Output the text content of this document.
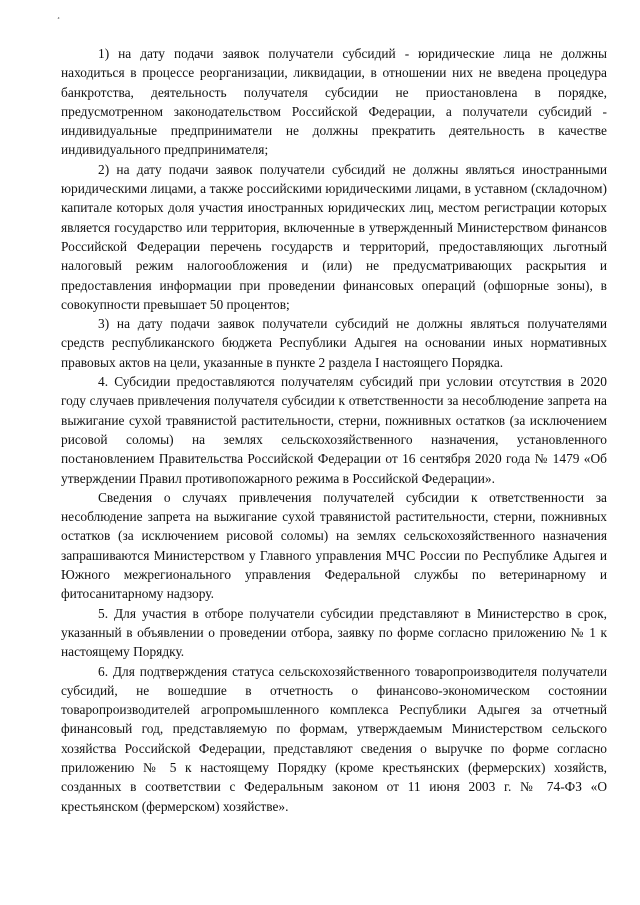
¸

1) на дату подачи заявок получатели субсидий - юридические лица не должны находиться в процессе реорганизации, ликвидации, в отношении них не введена процедура банкротства, деятельность получателя субсидии не приостановлена в порядке, предусмотренном законодательством Российской Федерации, а получатели субсидий - индивидуальные предприниматели не должны прекратить деятельность в качестве индивидуального предпринимателя;

2) на дату подачи заявок получатели субсидий не должны являться иностранными юридическими лицами, а также российскими юридическими лицами, в уставном (складочном) капитале которых доля участия иностранных юридических лиц, местом регистрации которых является государство или территория, включенные в утвержденный Министерством финансов Российской Федерации перечень государств и территорий, предоставляющих льготный налоговый режим налогообложения и (или) не предусматривающих раскрытия и предоставления информации при проведении финансовых операций (офшорные зоны), в совокупности превышает 50 процентов;

3) на дату подачи заявок получатели субсидий не должны являться получателями средств республиканского бюджета Республики Адыгея на основании иных нормативных правовых актов на цели, указанные в пункте 2 раздела I настоящего Порядка.

4. Субсидии предоставляются получателям субсидий при условии отсутствия в 2020 году случаев привлечения получателя субсидии к ответственности за несоблюдение запрета на выжигание сухой травянистой растительности, стерни, пожнивных остатков (за исключением рисовой соломы) на землях сельскохозяйственного назначения, установленного постановлением Правительства Российской Федерации от 16 сентября 2020 года № 1479 «Об утверждении Правил противопожарного режима в Российской Федерации».

Сведения о случаях привлечения получателей субсидии к ответственности за несоблюдение запрета на выжигание сухой травянистой растительности, стерни, пожнивных остатков (за исключением рисовой соломы) на землях сельскохозяйственного назначения запрашиваются Министерством у Главного управления МЧС России по Республике Адыгея и Южного межрегионального управления Федеральной службы по ветеринарному и фитосанитарному надзору.

5. Для участия в отборе получатели субсидии представляют в Министерство в срок, указанный в объявлении о проведении отбора, заявку по форме согласно приложению № 1 к настоящему Порядку.

6. Для подтверждения статуса сельскохозяйственного товаропроизводителя получатели субсидий, не вошедшие в отчетность о финансово-экономическом состоянии товаропроизводителей агропромышленного комплекса Республики Адыгея за отчетный финансовый год, представляемую по формам, утверждаемым Министерством сельского хозяйства Российской Федерации, представляют сведения о выручке по форме согласно приложению № 5 к настоящему Порядку (кроме крестьянских (фермерских) хозяйств, созданных в соответствии с Федеральным законом от 11 июня 2003 г. № 74-ФЗ «О крестьянском (фермерском) хозяйстве».
